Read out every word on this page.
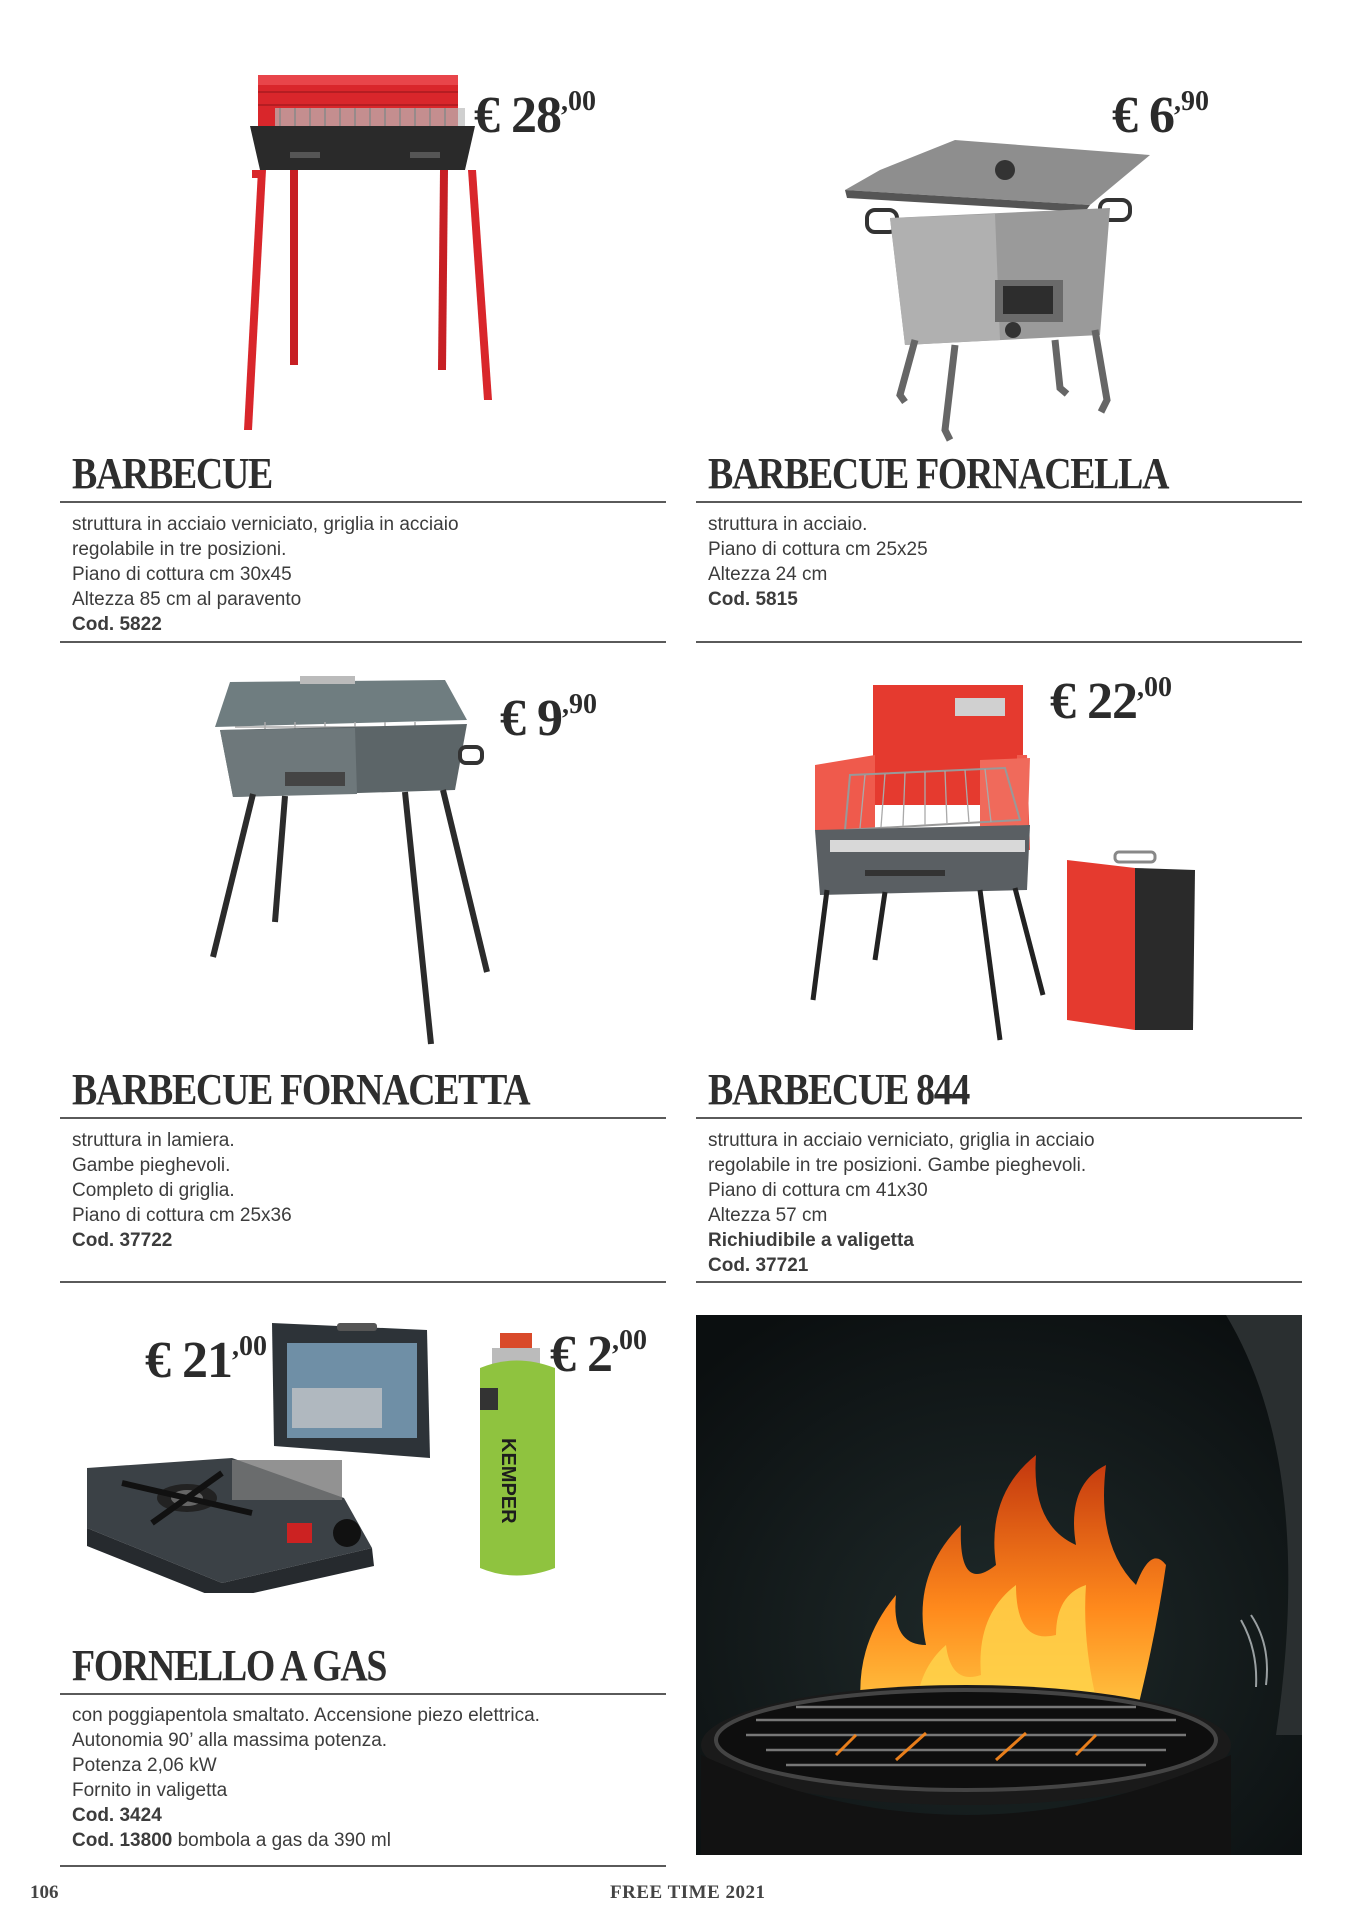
€ $28^{,00}$
BARBECUE
struttura in acciaio verniciato, griglia in acciaio
regolabile in tre posizioni.
Piano di cottura cm 30x45
Altezza 85 cm al paravento
Cod. 5822
€ $6^{,90}$
BARBECUE FORNACELLA
struttura in acciaio.
Piano di cottura cm 25x25
Altezza 24 cm
Cod. 5815
€ $9^{,90}$
BARBECUE FORNACETTA
struttura in lamiera.
Gambe pieghevoli.
Completo di griglia.
Piano di cottura cm 25x36
Cod. 37722
€ $22^{,00}$
BARBECUE 844
struttura in acciaio verniciato, griglia in acciaio
regolabile in tre posizioni. Gambe pieghevoli.
Piano di cottura cm 41x30
Altezza 57 cm
Richiudibile a valigetta
Cod. 37721
KEMPER
€ $21^{,00}$	€ $2^{,00}$
FORNELLO A GAS
con poggiapentola smaltato. Accensione piezo elettrica.
Autonomia 90’ alla massima potenza.
Potenza 2,06 kW
Fornito in valigetta
Cod. 3424
Cod. 13800 bombola a gas da 390 ml
106	FREE TIME 2021
